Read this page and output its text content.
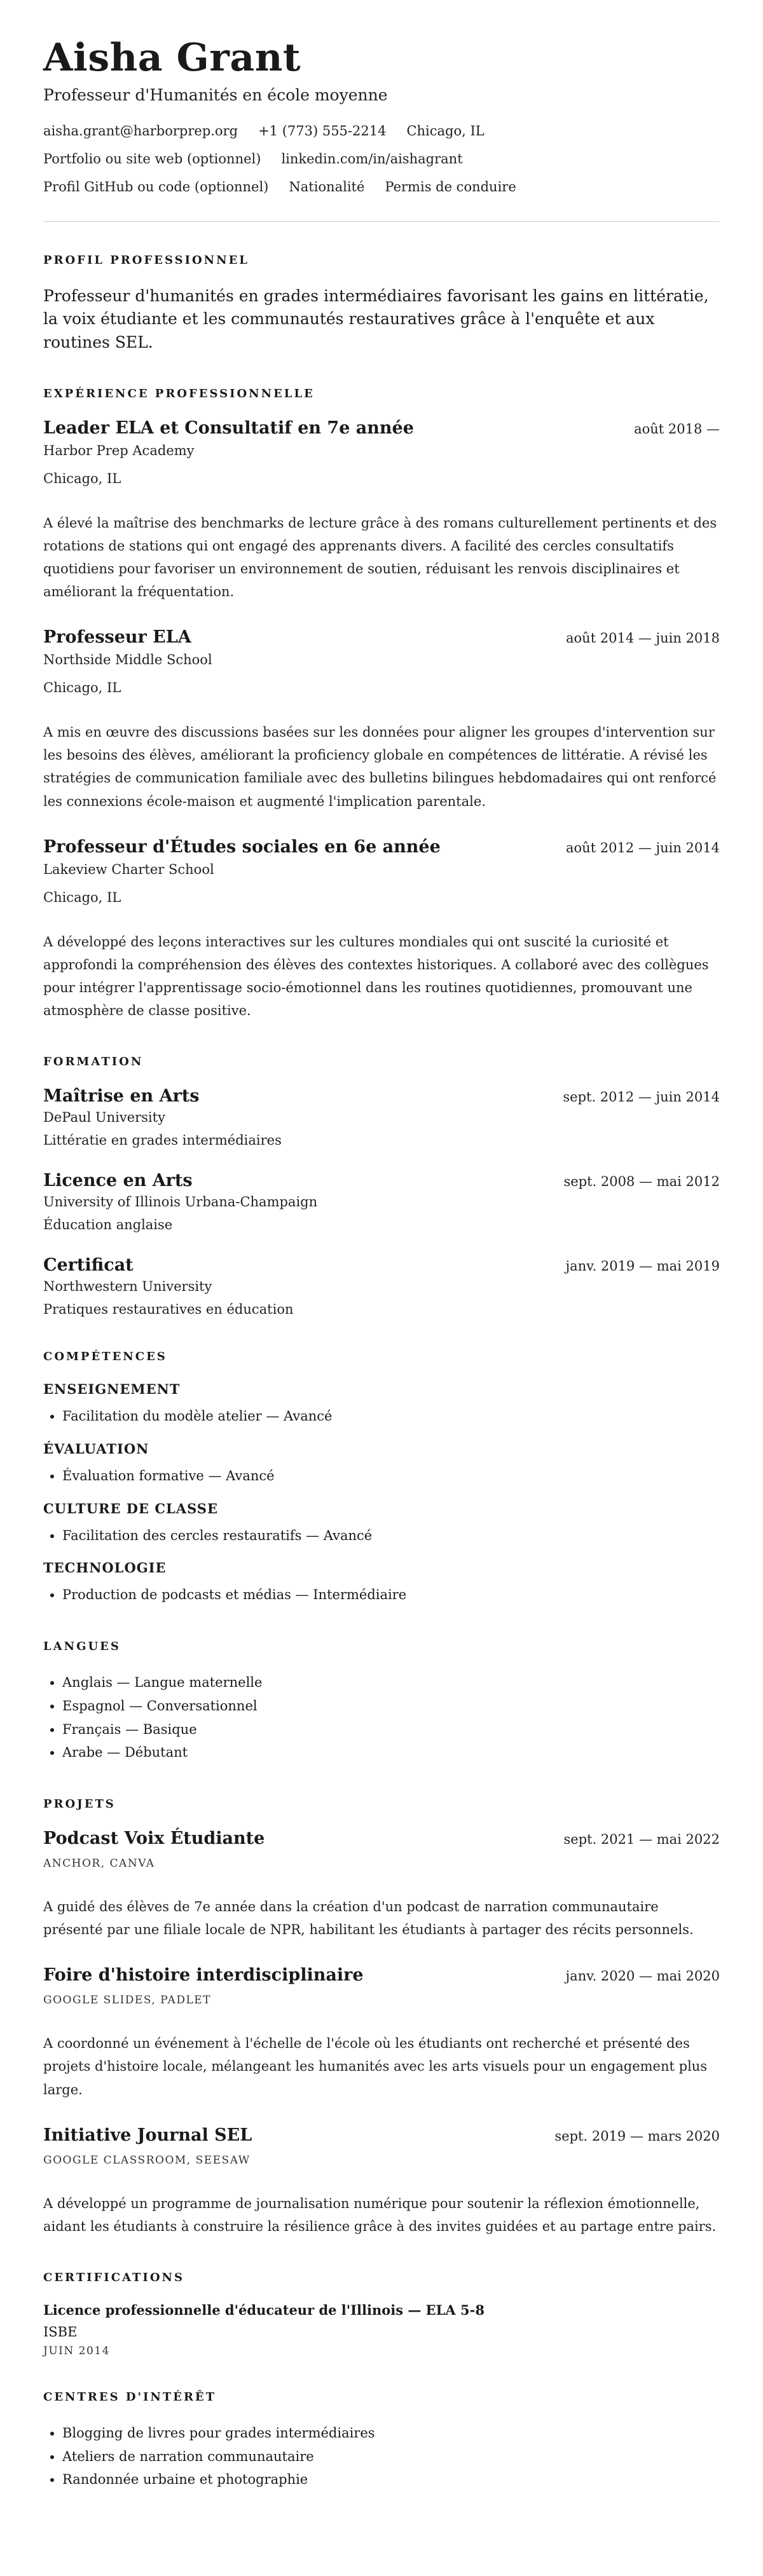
Aisha Grant
Professeur d'Humanités en école moyenne
aisha.grant@harborprep.org +1 (773) 555-2214 Chicago, IL
Portfolio ou site web (optionnel) linkedin.com/in/aishagrant
Profil GitHub ou code (optionnel) Nationalité Permis de conduire
PROFIL PROFESSIONNEL

Professeur d'humanités en grades intermédiaires favorisant les gains en littératie, la voix étudiante et les communautés restauratives grâce à l'enquête et aux routines SEL.

EXPÉRIENCE PROFESSIONNELLE
Leader ELA et Consultatif en 7e année	août 2018 —
Harbor Prep Academy
Chicago, IL
A élevé la maîtrise des benchmarks de lecture grâce à des romans culturellement pertinents et des rotations de stations qui ont engagé des apprenants divers. A facilité des cercles consultatifs quotidiens pour favoriser un environnement de soutien, réduisant les renvois disciplinaires et améliorant la fréquentation.
Professeur ELA	août 2014 — juin 2018
Northside Middle School
Chicago, IL
A mis en œuvre des discussions basées sur les données pour aligner les groupes d'intervention sur les besoins des élèves, améliorant la proficiency globale en compétences de littératie. A révisé les stratégies de communication familiale avec des bulletins bilingues hebdomadaires qui ont renforcé les connexions école-maison et augmenté l'implication parentale.
Professeur d'Études sociales en 6e année	août 2012 — juin 2014
Lakeview Charter School
Chicago, IL
A développé des leçons interactives sur les cultures mondiales qui ont suscité la curiosité et approfondi la compréhension des élèves des contextes historiques. A collaboré avec des collègues pour intégrer l'apprentissage socio-émotionnel dans les routines quotidiennes, promouvant une atmosphère de classe positive.
FORMATION
Maîtrise en Arts	sept. 2012 — juin 2014
DePaul University
Littératie en grades intermédiaires
Licence en Arts	sept. 2008 — mai 2012
University of Illinois Urbana-Champaign
Éducation anglaise
Certificat	janv. 2019 — mai 2019
Northwestern University
Pratiques restauratives en éducation
COMPÉTENCES
ENSEIGNEMENT
• Facilitation du modèle atelier — Avancé
ÉVALUATION
• Évaluation formative — Avancé
CULTURE DE CLASSE
• Facilitation des cercles restauratifs — Avancé
TECHNOLOGIE
• Production de podcasts et médias — Intermédiaire
LANGUES
• Anglais — Langue maternelle
• Espagnol — Conversationnel
• Français — Basique
• Arabe — Débutant
PROJETS
Podcast Voix Étudiante	sept. 2021 — mai 2022
ANCHOR, CANVA
A guidé des élèves de 7e année dans la création d'un podcast de narration communautaire présenté par une filiale locale de NPR, habilitant les étudiants à partager des récits personnels.
Foire d'histoire interdisciplinaire	janv. 2020 — mai 2020
GOOGLE SLIDES, PADLET
A coordonné un événement à l'échelle de l'école où les étudiants ont recherché et présenté des projets d'histoire locale, mélangeant les humanités avec les arts visuels pour un engagement plus large.
Initiative Journal SEL	sept. 2019 — mars 2020
GOOGLE CLASSROOM, SEESAW
A développé un programme de journalisation numérique pour soutenir la réflexion émotionnelle, aidant les étudiants à construire la résilience grâce à des invites guidées et au partage entre pairs.
CERTIFICATIONS
Licence professionnelle d'éducateur de l'Illinois — ELA 5-8
ISBE
JUIN 2014
CENTRES D'INTÉRÊT
• Blogging de livres pour grades intermédiaires
• Ateliers de narration communautaire
• Randonnée urbaine et photographie
